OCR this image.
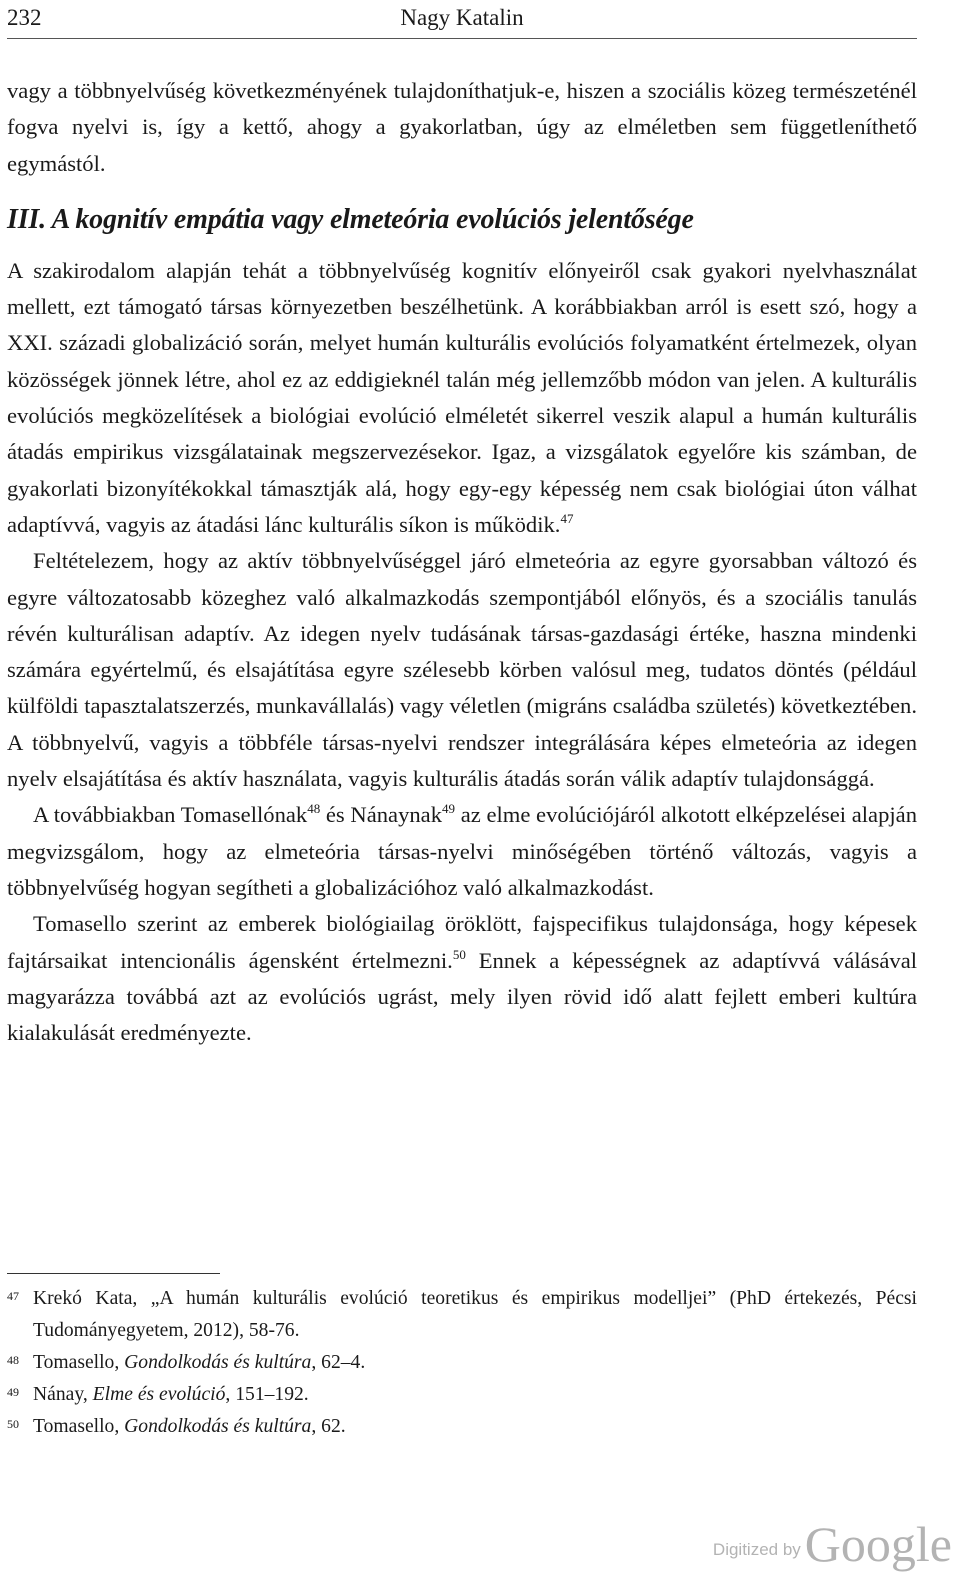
232	Nagy Katalin

vagy a többnyelvűség következményének tulajdoníthatjuk-e, hiszen a szociális közeg természeténél fogva nyelvi is, így a kettő, ahogy a gyakorlatban, úgy az elméletben sem függetleníthető egymástól.

III. A kognitív empátia vagy elmeteória evolúciós jelentősége

A szakirodalom alapján tehát a többnyelvűség kognitív előnyeiről csak gyakori nyelvhasználat mellett, ezt támogató társas környezetben beszélhetünk. A korábbiakban arról is esett szó, hogy a XXI. századi globalizáció során, melyet humán kulturális evolúciós folyamatként értelmezek, olyan közösségek jönnek létre, ahol ez az eddigieknél talán még jellemzőbb módon van jelen. A kulturális evolúciós megközelítések a biológiai evolúció elméletét sikerrel veszik alapul a humán kulturális átadás empirikus vizsgálatainak megszervezésekor. Igaz, a vizsgálatok egyelőre kis számban, de gyakorlati bizonyítékokkal támasztják alá, hogy egy-egy képesség nem csak biológiai úton válhat adaptívvá, vagyis az átadási lánc kulturális síkon is működik.$^{47}$

Feltételezem, hogy az aktív többnyelvűséggel járó elmeteória az egyre gyorsabban változó és egyre változatosabb közeghez való alkalmazkodás szempontjából előnyös, és a szociális tanulás révén kulturálisan adaptív. Az idegen nyelv tudásának társas-gazdasági értéke, haszna mindenki számára egyértelmű, és elsajátítása egyre szélesebb körben valósul meg, tudatos döntés (például külföldi tapasztalatszerzés, munkavállalás) vagy véletlen (migráns családba születés) következtében. A többnyelvű, vagyis a többféle társas-nyelvi rendszer integrálására képes elmeteória az idegen nyelv elsajátítása és aktív használata, vagyis kulturális átadás során válik adaptív tulajdonsággá.

A továbbiakban Tomasellónak$^{48}$ és Nánaynak$^{49}$ az elme evolúciójáról alkotott elképzelései alapján megvizsgálom, hogy az elmeteória társas-nyelvi minőségében történő változás, vagyis a többnyelvűség hogyan segítheti a globalizációhoz való alkalmazkodást.

Tomasello szerint az emberek biológiailag öröklött, fajspecifikus tulajdonsága, hogy képesek fajtársaikat intencionális ágensként értelmezni.$^{50}$ Ennek a képességnek az adaptívvá válásával magyarázza továbbá azt az evolúciós ugrást, mely ilyen rövid idő alatt fejlett emberi kultúra kialakulását eredményezte.

47 Krekó Kata, „A humán kulturális evolúció teoretikus és empirikus modelljei” (PhD értekezés, Pécsi Tudományegyetem, 2012), 58-76.
48 Tomasello, Gondolkodás és kultúra, 62–4.
49 Nánay, Elme és evolúció, 151–192.
50 Tomasello, Gondolkodás és kultúra, 62.
Digitized byGoogle
